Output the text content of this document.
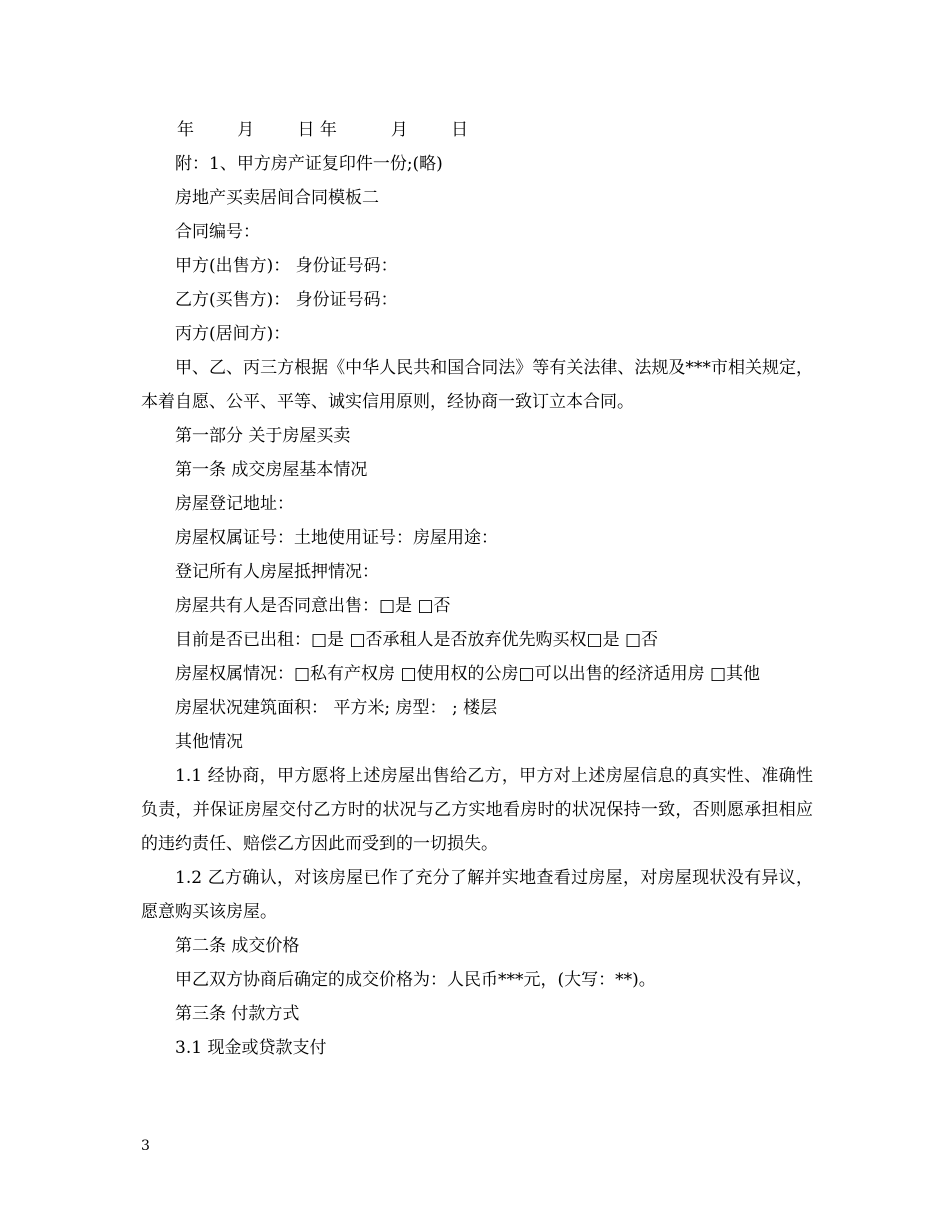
年        月        日 年          月        日

附：1、甲方房产证复印件一份;(略)

房地产买卖居间合同模板二

合同编号：

甲方(出售方)： 身份证号码：

乙方(买售方)： 身份证号码：

丙方(居间方)：

甲、乙、丙三方根据《中华人民共和国合同法》等有关法律、法规及***市相关规定，本着自愿、公平、平等、诚实信用原则，经协商一致订立本合同。

第一部分 关于房屋买卖

第一条 成交房屋基本情况

房屋登记地址：

房屋权属证号：土地使用证号：房屋用途：

登记所有人房屋抵押情况：

房屋共有人是否同意出售：□是 □否

目前是否已出租：□是 □否承租人是否放弃优先购买权□是 □否

房屋权属情况：□私有产权房 □使用权的公房□可以出售的经济适用房 □其他

房屋状况建筑面积： 平方米; 房型： ; 楼层

其他情况

1.1 经协商，甲方愿将上述房屋出售给乙方，甲方对上述房屋信息的真实性、准确性负责，并保证房屋交付乙方时的状况与乙方实地看房时的状况保持一致，否则愿承担相应的违约责任、赔偿乙方因此而受到的一切损失。

1.2 乙方确认，对该房屋已作了充分了解并实地查看过房屋，对房屋现状没有异议，愿意购买该房屋。

第二条 成交价格

甲乙双方协商后确定的成交价格为：人民币***元，(大写：**)。

第三条 付款方式

3.1 现金或贷款支付

3
